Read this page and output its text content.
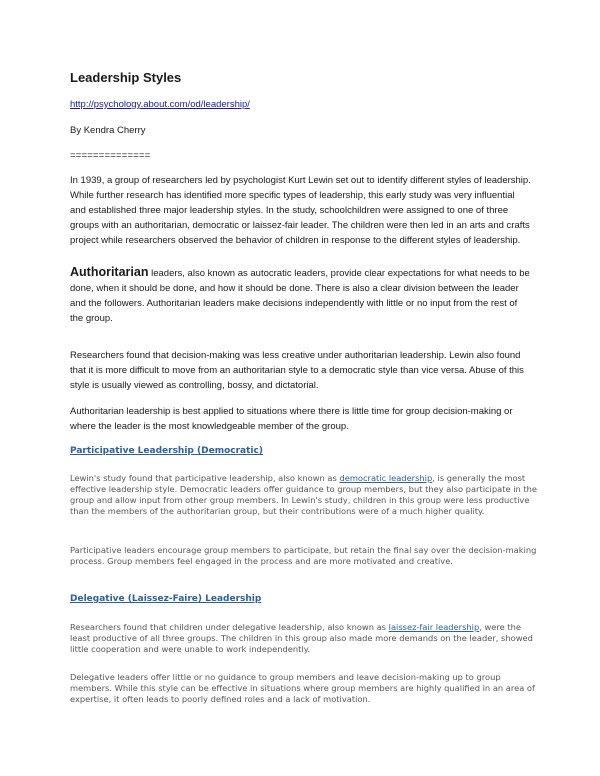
Leadership Styles
http://psychology.about.com/od/leadership/
By Kendra Cherry
==============
In 1939, a group of researchers led by psychologist Kurt Lewin set out to identify different styles of leadership. While further research has identified more specific types of leadership, this early study was very influential and established three major leadership styles. In the study, schoolchildren were assigned to one of three groups with an authoritarian, democratic or laissez-fair leader. The children were then led in an arts and crafts project while researchers observed the behavior of children in response to the different styles of leadership.
Authoritarian leaders, also known as autocratic leaders, provide clear expectations for what needs to be done, when it should be done, and how it should be done. There is also a clear division between the leader and the followers. Authoritarian leaders make decisions independently with little or no input from the rest of the group.
Researchers found that decision-making was less creative under authoritarian leadership. Lewin also found that it is more difficult to move from an authoritarian style to a democratic style than vice versa. Abuse of this style is usually viewed as controlling, bossy, and dictatorial.
Authoritarian leadership is best applied to situations where there is little time for group decision-making or where the leader is the most knowledgeable member of the group.
Participative Leadership (Democratic)
Lewin's study found that participative leadership, also known as democratic leadership, is generally the most effective leadership style. Democratic leaders offer guidance to group members, but they also participate in the group and allow input from other group members. In Lewin's study, children in this group were less productive than the members of the authoritarian group, but their contributions were of a much higher quality.
Participative leaders encourage group members to participate, but retain the final say over the decision-making process. Group members feel engaged in the process and are more motivated and creative.
Delegative (Laissez-Faire) Leadership
Researchers found that children under delegative leadership, also known as laissez-fair leadership, were the least productive of all three groups. The children in this group also made more demands on the leader, showed little cooperation and were unable to work independently.
Delegative leaders offer little or no guidance to group members and leave decision-making up to group members. While this style can be effective in situations where group members are highly qualified in an area of expertise, it often leads to poorly defined roles and a lack of motivation.
